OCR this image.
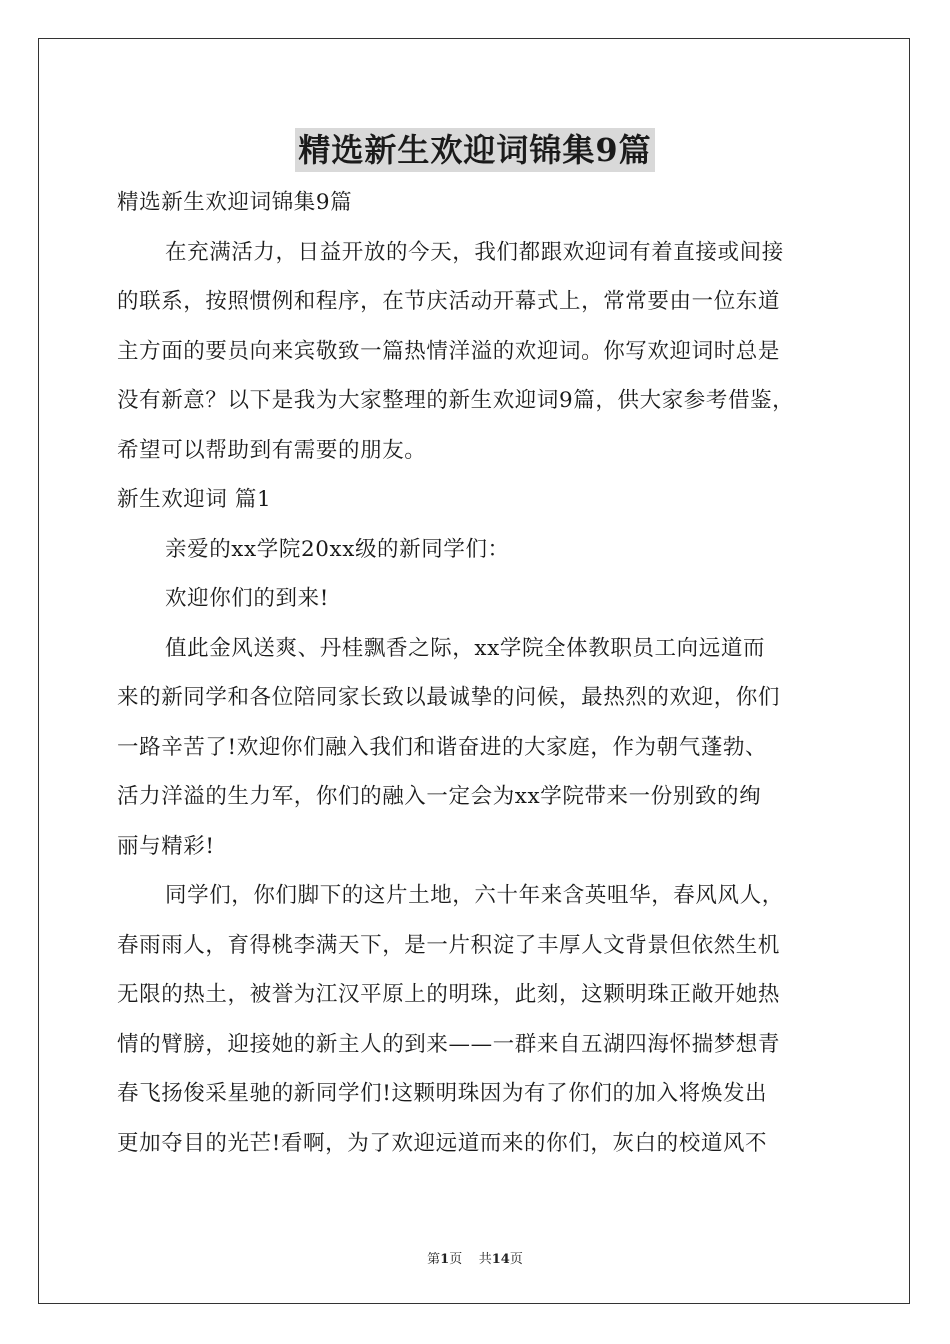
精选新生欢迎词锦集9篇
精选新生欢迎词锦集9篇
在充满活力，日益开放的今天，我们都跟欢迎词有着直接或间接
的联系，按照惯例和程序，在节庆活动开幕式上，常常要由一位东道
主方面的要员向来宾敬致一篇热情洋溢的欢迎词。你写欢迎词时总是
没有新意？以下是我为大家整理的新生欢迎词9篇，供大家参考借鉴，
希望可以帮助到有需要的朋友。
新生欢迎词 篇1
亲爱的xx学院20xx级的新同学们：
欢迎你们的到来!
值此金风送爽、丹桂飘香之际，xx学院全体教职员工向远道而
来的新同学和各位陪同家长致以最诚挚的问候，最热烈的欢迎，你们
一路辛苦了!欢迎你们融入我们和谐奋进的大家庭，作为朝气蓬勃、
活力洋溢的生力军，你们的融入一定会为xx学院带来一份别致的绚
丽与精彩!
同学们，你们脚下的这片土地，六十年来含英咀华，春风风人，
春雨雨人，育得桃李满天下，是一片积淀了丰厚人文背景但依然生机
无限的热土，被誉为江汉平原上的明珠，此刻，这颗明珠正敞开她热
情的臂膀，迎接她的新主人的到来——一群来自五湖四海怀揣梦想青
春飞扬俊采星驰的新同学们!这颗明珠因为有了你们的加入将焕发出
更加夺目的光芒!看啊，为了欢迎远道而来的你们，灰白的校道风不
第1页 共14页
